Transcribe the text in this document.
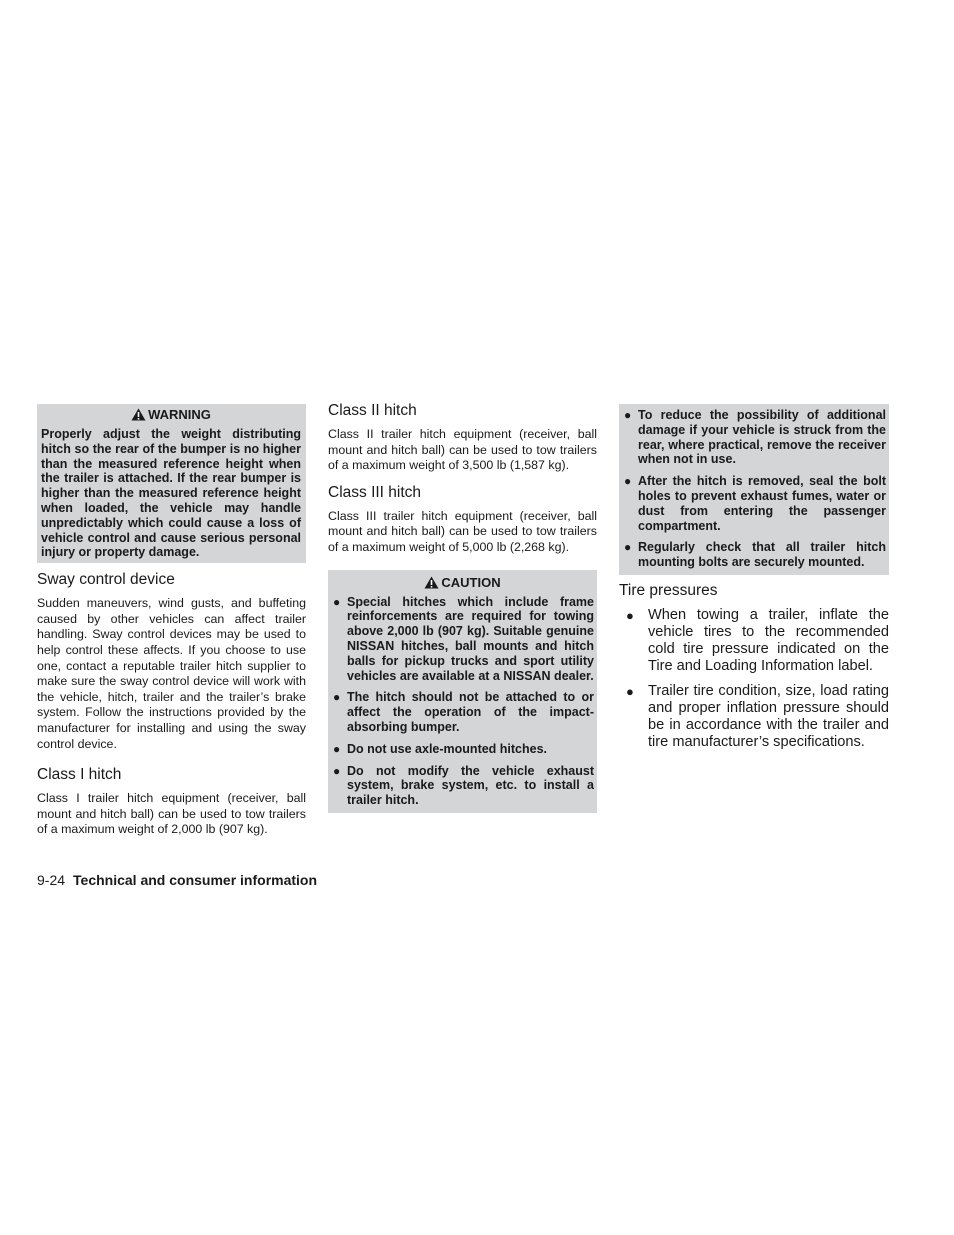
WARNING
Properly adjust the weight distributing hitch so the rear of the bumper is no higher than the measured reference height when the trailer is attached. If the rear bumper is higher than the measured reference height when loaded, the vehicle may handle unpredictably which could cause a loss of vehicle control and cause serious personal injury or property damage.
Sway control device

Sudden maneuvers, wind gusts, and buffeting caused by other vehicles can affect trailer handling. Sway control devices may be used to help control these affects. If you choose to use one, contact a reputable trailer hitch supplier to make sure the sway control device will work with the vehicle, hitch, trailer and the trailer’s brake system. Follow the instructions provided by the manufacturer for installing and using the sway control device.

Class I hitch

Class I trailer hitch equipment (receiver, ball mount and hitch ball) can be used to tow trailers of a maximum weight of 2,000 lb (907 kg).

Class II hitch

Class II trailer hitch equipment (receiver, ball mount and hitch ball) can be used to tow trailers of a maximum weight of 3,500 lb (1,587 kg).

Class III hitch

Class III trailer hitch equipment (receiver, ball mount and hitch ball) can be used to tow trailers of a maximum weight of 5,000 lb (2,268 kg).

CAUTION
● Special hitches which include frame reinforcements are required for towing above 2,000 lb (907 kg). Suitable genuine NISSAN hitches, ball mounts and hitch balls for pickup trucks and sport utility vehicles are available at a NISSAN dealer.
● The hitch should not be attached to or affect the operation of the impact-absorbing bumper.
● Do not use axle-mounted hitches.
● Do not modify the vehicle exhaust system, brake system, etc. to install a trailer hitch.
● To reduce the possibility of additional damage if your vehicle is struck from the rear, where practical, remove the receiver when not in use.
● After the hitch is removed, seal the bolt holes to prevent exhaust fumes, water or dust from entering the passenger compartment.
● Regularly check that all trailer hitch mounting bolts are securely mounted.
Tire pressures
● When towing a trailer, inflate the vehicle tires to the recommended cold tire pressure indicated on the Tire and Loading Information label.
● Trailer tire condition, size, load rating and proper inflation pressure should be in accordance with the trailer and tire manufacturer’s specifications.
9-24 Technical and consumer information
